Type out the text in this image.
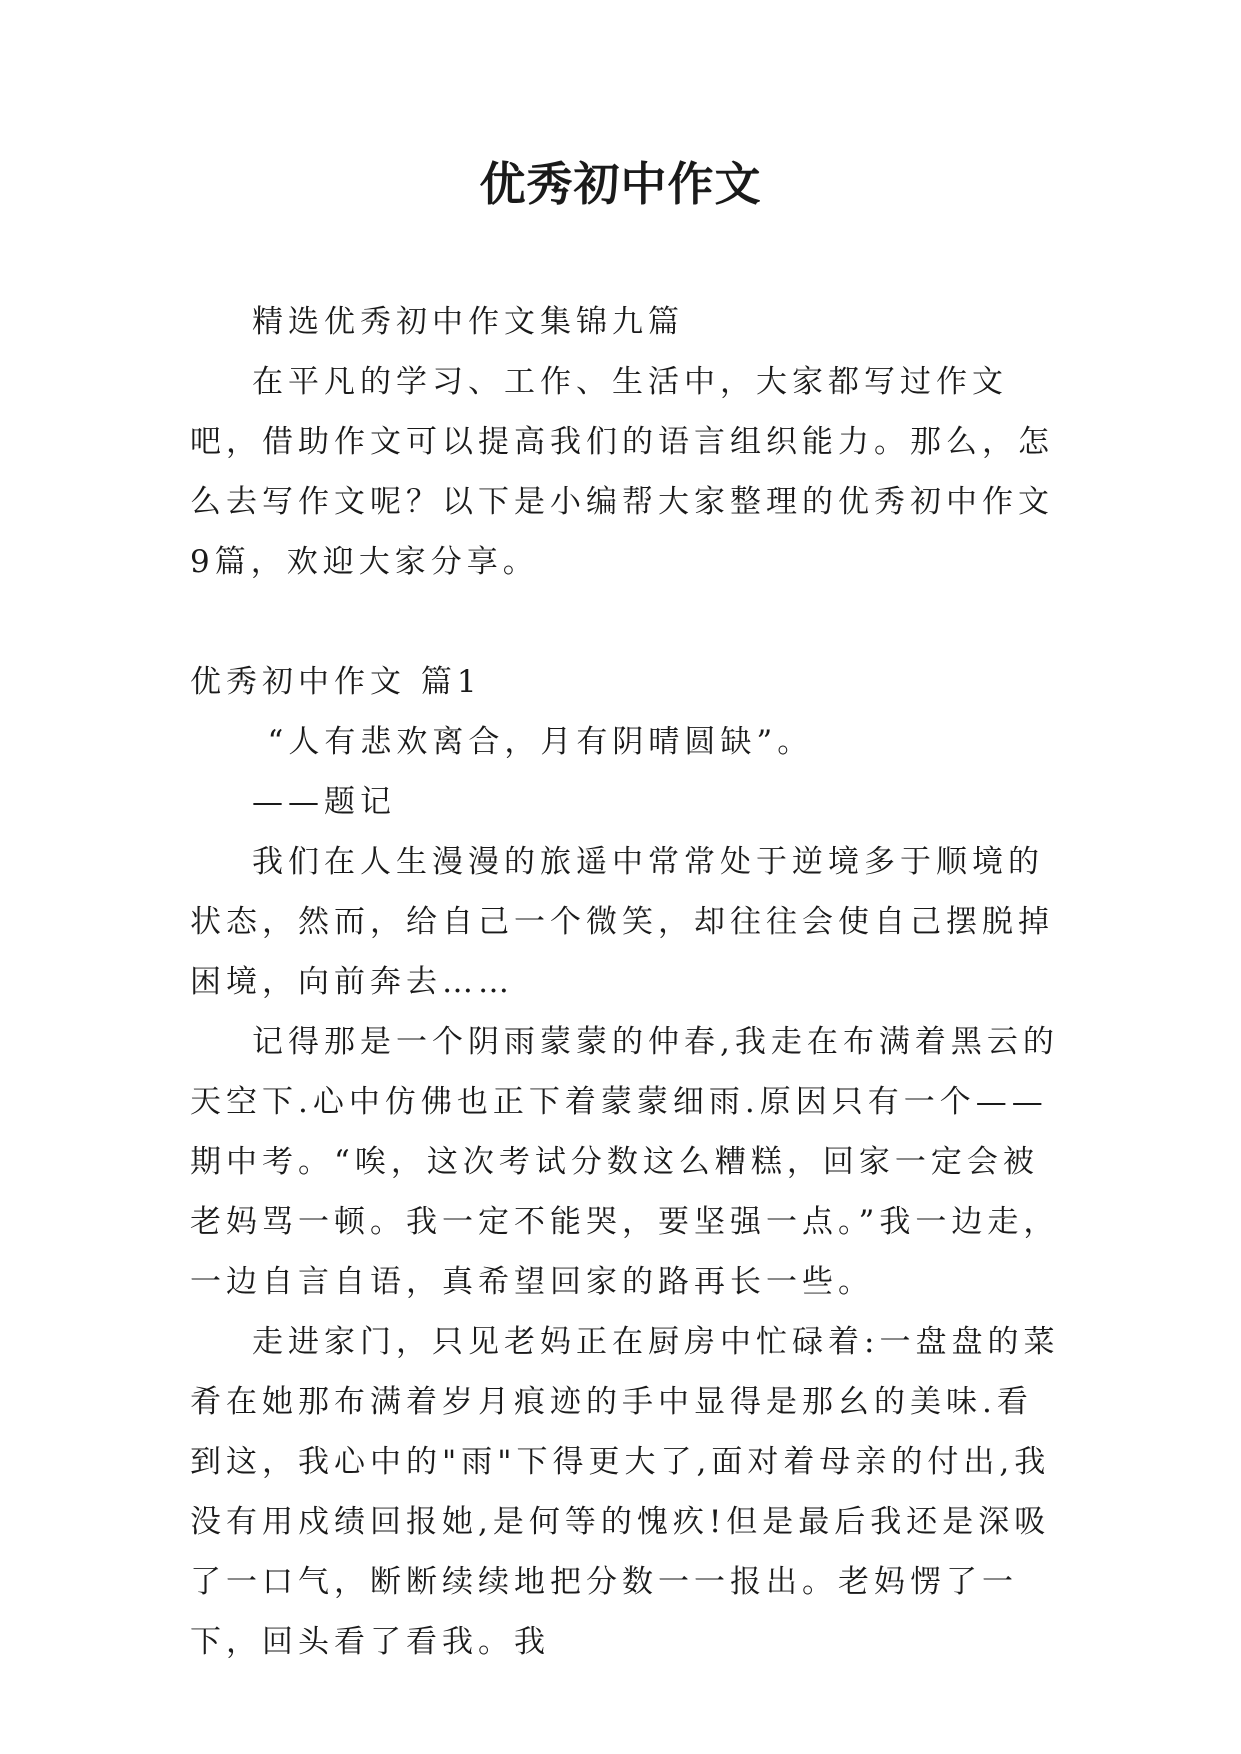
优秀初中作文

精选优秀初中作文集锦九篇

在平凡的学习、工作、生活中，大家都写过作文吧，借助作文可以提高我们的语言组织能力。那么，怎么去写作文呢？以下是小编帮大家整理的优秀初中作文9篇，欢迎大家分享。

优秀初中作文 篇1

“人有悲欢离合，月有阴晴圆缺”。

——题记

我们在人生漫漫的旅遥中常常处于逆境多于顺境的状态，然而，给自己一个微笑，却往往会使自己摆脱掉困境，向前奔去……

记得那是一个阴雨蒙蒙的仲春,我走在布满着黑云的天空下.心中仿佛也正下着蒙蒙细雨.原因只有一个——期中考。“唉，这次考试分数这么糟糕，回家一定会被老妈骂一顿。我一定不能哭，要坚强一点。”我一边走，一边自言自语，真希望回家的路再长一些。

走进家门，只见老妈正在厨房中忙碌着:一盘盘的菜肴在她那布满着岁月痕迹的手中显得是那幺的美味.看到这，我心中的"雨"下得更大了,面对着母亲的付出,我没有用戍绩回报她,是何等的愧疚!但是最后我还是深吸了一口气，断断续续地把分数一一报出。老妈愣了一下，回头看了看我。我
